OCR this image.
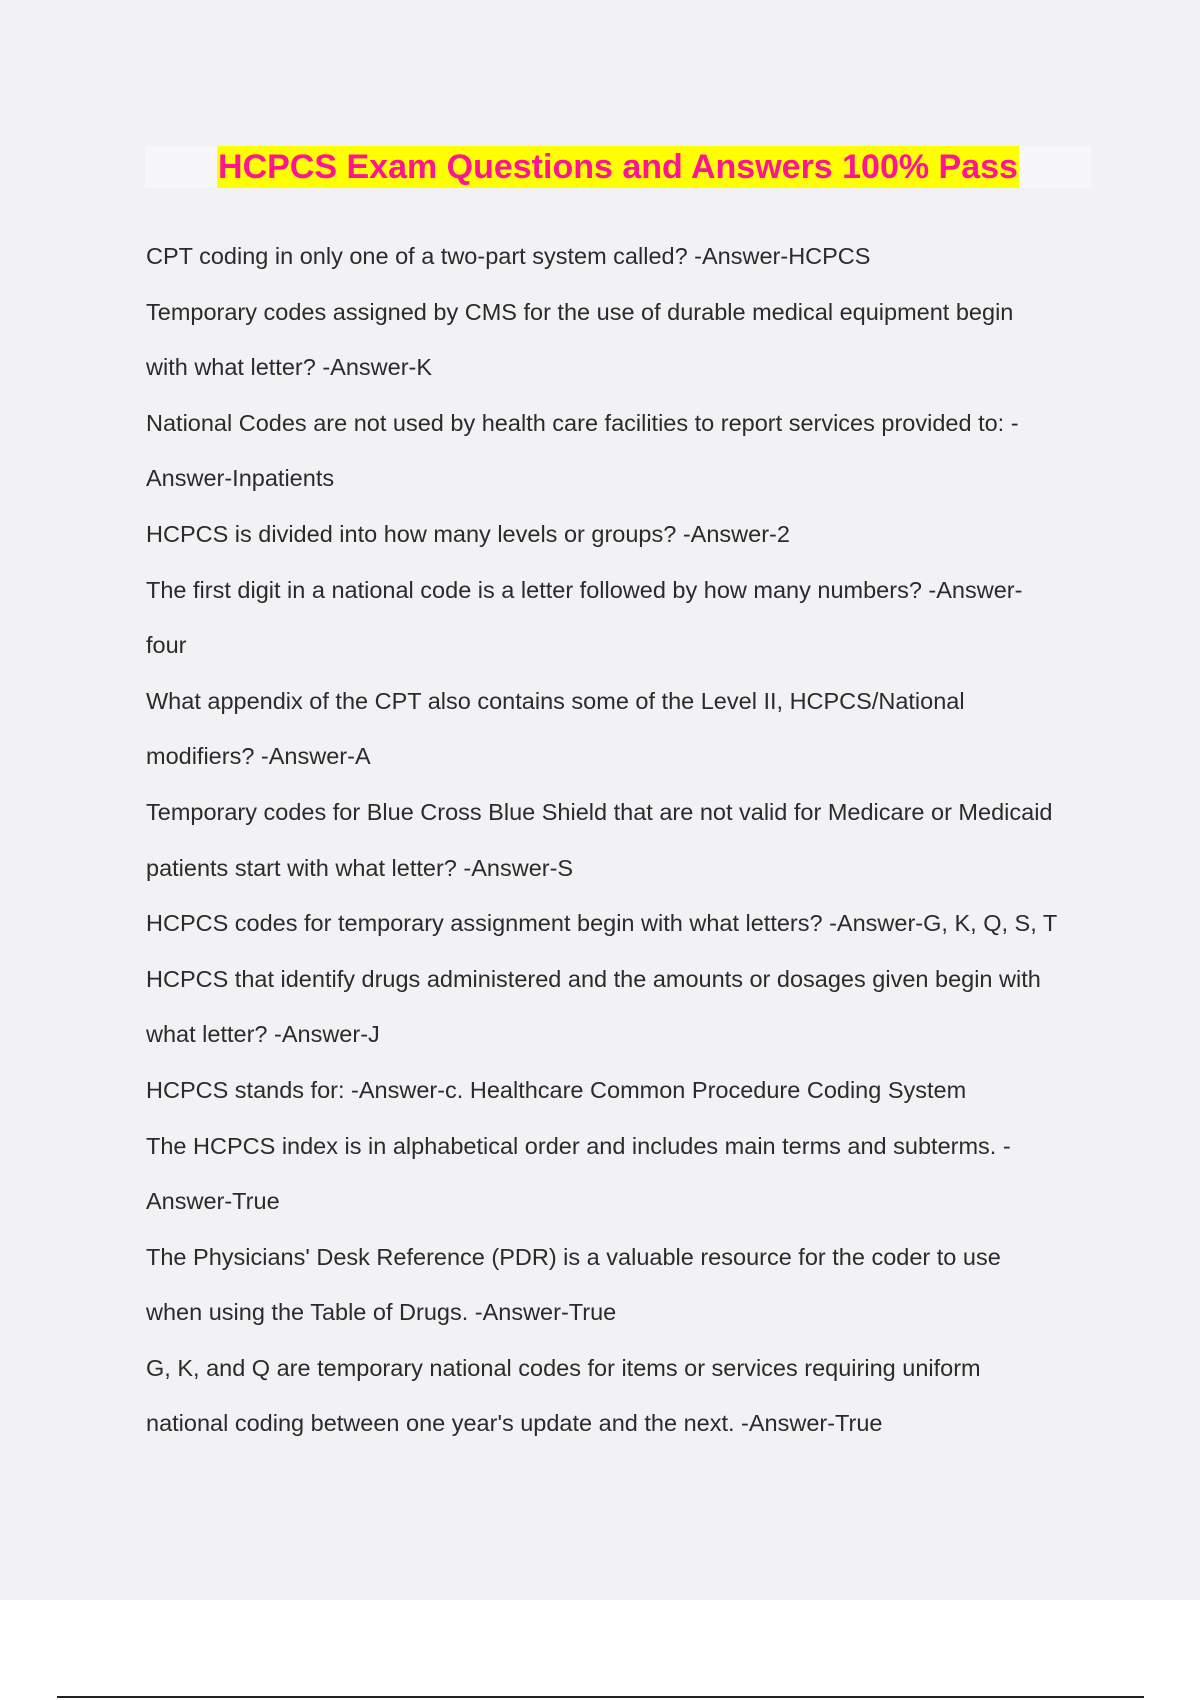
HCPCS Exam Questions and Answers 100% Pass
CPT coding in only one of a two-part system called? -Answer-HCPCS
Temporary codes assigned by CMS for the use of durable medical equipment begin
with what letter? -Answer-K
National Codes are not used by health care facilities to report services provided to: -
Answer-Inpatients
HCPCS is divided into how many levels or groups? -Answer-2
The first digit in a national code is a letter followed by how many numbers? -Answer-
four
What appendix of the CPT also contains some of the Level II, HCPCS/National
modifiers? -Answer-A
Temporary codes for Blue Cross Blue Shield that are not valid for Medicare or Medicaid
patients start with what letter? -Answer-S
HCPCS codes for temporary assignment begin with what letters? -Answer-G, K, Q, S, T
HCPCS that identify drugs administered and the amounts or dosages given begin with
what letter? -Answer-J
HCPCS stands for: -Answer-c. Healthcare Common Procedure Coding System
The HCPCS index is in alphabetical order and includes main terms and subterms. -
Answer-True
The Physicians' Desk Reference (PDR) is a valuable resource for the coder to use
when using the Table of Drugs. -Answer-True
G, K, and Q are temporary national codes for items or services requiring uniform
national coding between one year's update and the next. -Answer-True
